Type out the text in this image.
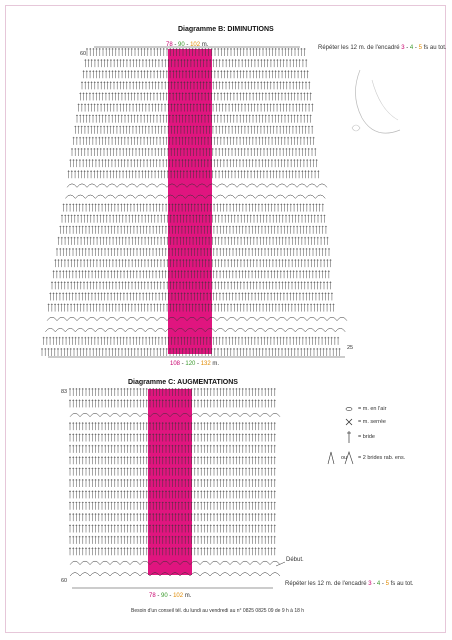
Diagramme B: DIMINUTIONS
78 - 90 - 102 m.
60
25
Répéter les 12 m. de l'encadré 3 - 4 - 5 fs au tot.
108 - 120 - 132 m.
Diagramme C: AUGMENTATIONS
83
60
Début.
Répéter les 12 m. de l'encadré 3 - 4 - 5 fs au tot.
78 - 90 - 102 m.
= m. en l'air
= m. serrée
= bride
ou = 2 brides rab. ens.
Besoin d'un conseil tél. du lundi au vendredi au n° 0825 0825 09 de 9 h à 18 h
